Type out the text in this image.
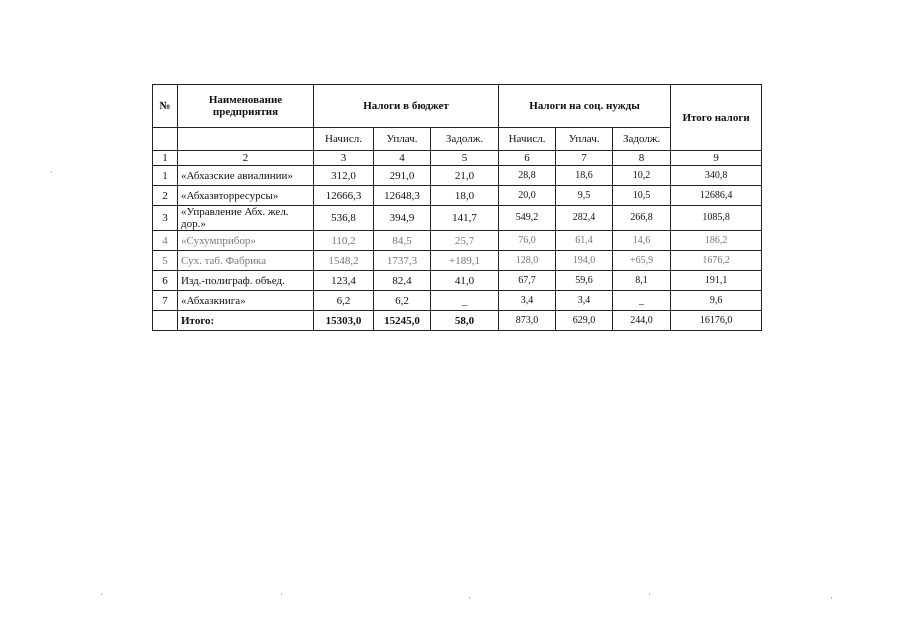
№	Наименование предприятия	Налоги в бюджет			Налоги на соц. нужды			Итого налоги
		Начисл.	Уплач.	Задолж.	Начисл.	Уплач.	Задолж.	
1	2	3	4	5	6	7	8	9
1	«Абхазские авиалинии»	312,0	291,0	21,0	28,8	18,6	10,2	340,8
2	«Абхазвторресурсы»	12666,3	12648,3	18,0	20,0	9,5	10,5	12686,4
3	«Управление Абх. жел. дор.»	536,8	394,9	141,7	549,2	282,4	266,8	1085,8
4	«Сухумприбор»	110,2	84,5	25,7	76,0	61,4	14,6	186,2
5	Сух. таб. Фабрика	1548,2	1737,3	+189,1	128,0	194,0	+65,9	1676,2
6	Изд.-полиграф. объед.	123,4	82,4	41,0	67,7	59,6	8,1	191,1
7	«Абхазкнига»	6,2	6,2	_	3,4	3,4	_	9,6
	Итого:	15303,0	15245,0	58,0	873,0	629,0	244,0	16176,0
·
·	·	·	·	·
